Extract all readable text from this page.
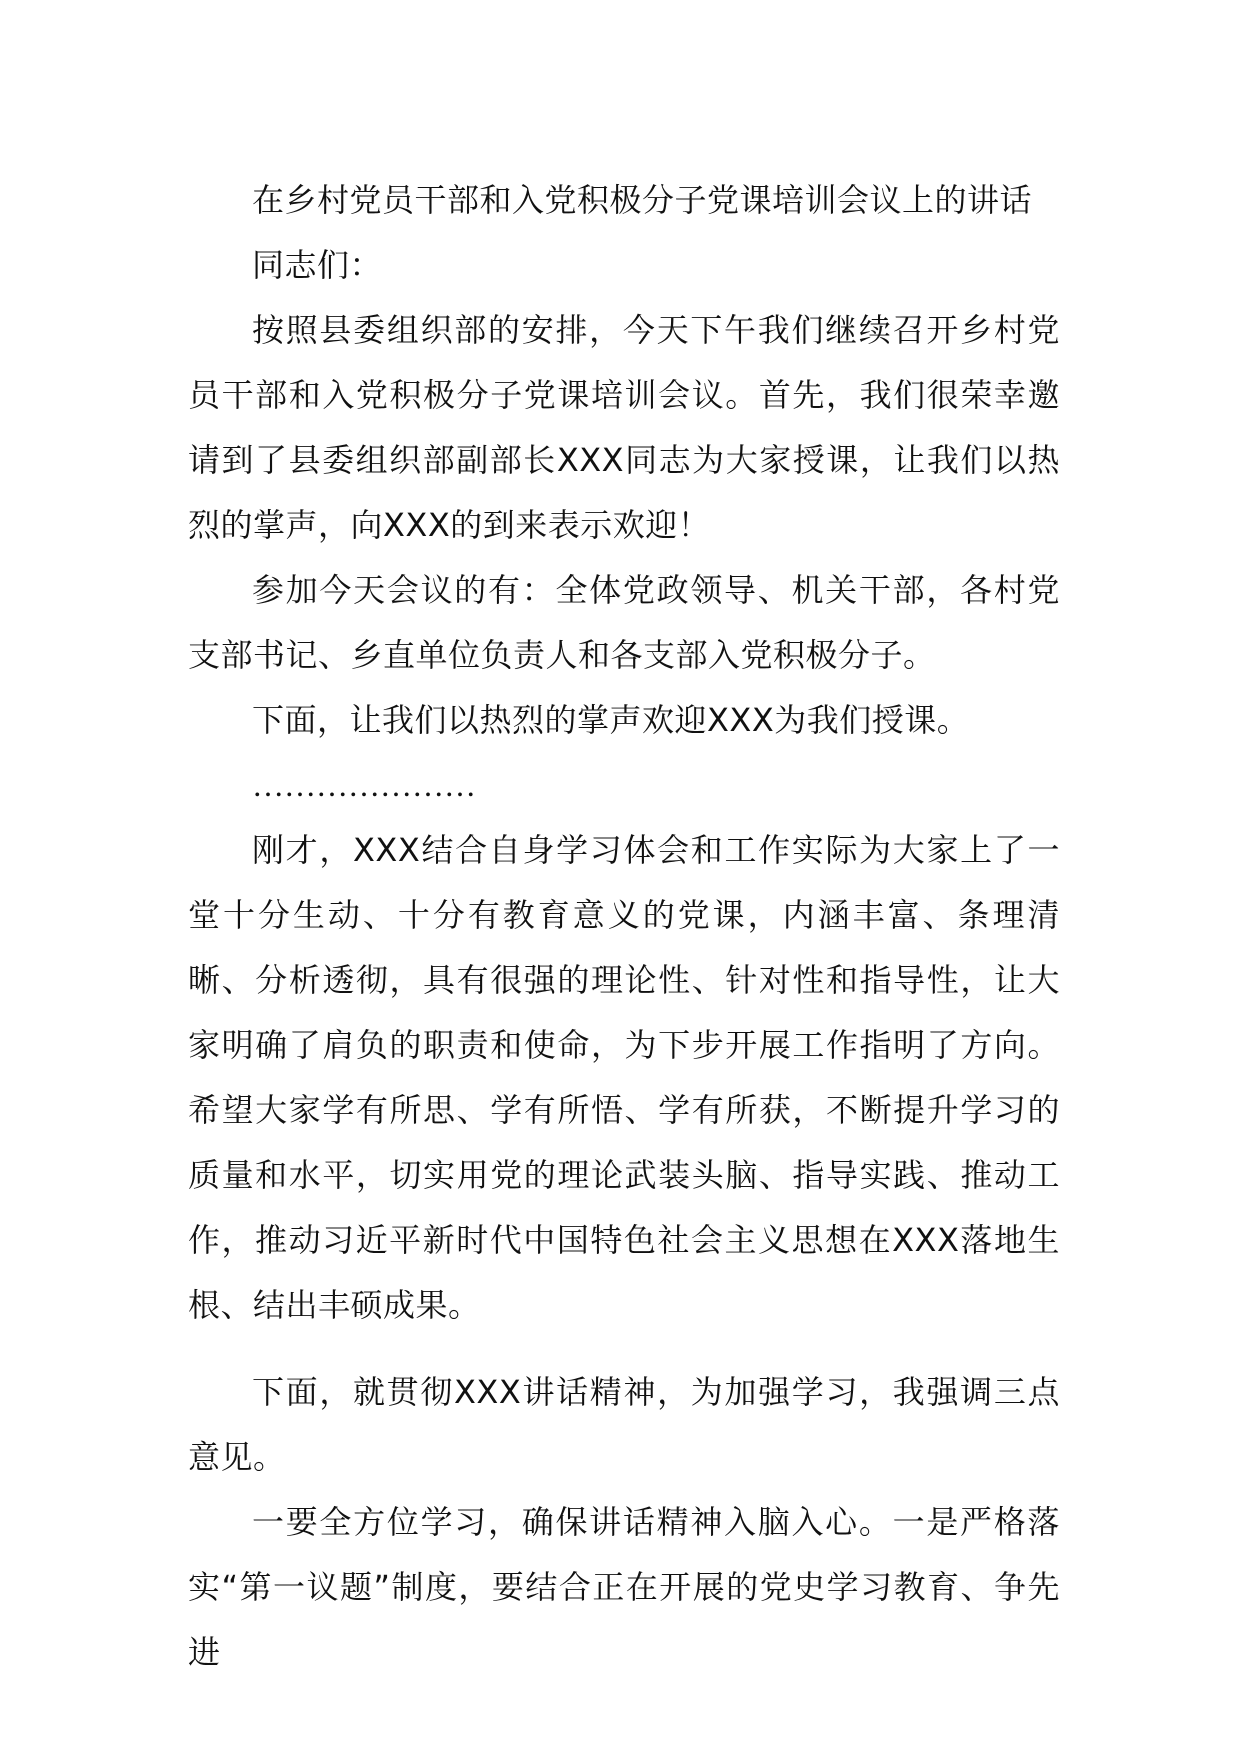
在乡村党员干部和入党积极分子党课培训会议上的讲话

同志们：

按照县委组织部的安排，今天下午我们继续召开乡村党员干部和入党积极分子党课培训会议。首先，我们很荣幸邀请到了县委组织部副部长XXX同志为大家授课，让我们以热烈的掌声，向XXX的到来表示欢迎！

参加今天会议的有：全体党政领导、机关干部，各村党支部书记、乡直单位负责人和各支部入党积极分子。

下面，让我们以热烈的掌声欢迎XXX为我们授课。

…………………

刚才，XXX结合自身学习体会和工作实际为大家上了一堂十分生动、十分有教育意义的党课，内涵丰富、条理清晰、分析透彻，具有很强的理论性、针对性和指导性，让大家明确了肩负的职责和使命，为下步开展工作指明了方向。希望大家学有所思、学有所悟、学有所获，不断提升学习的质量和水平，切实用党的理论武装头脑、指导实践、推动工作，推动习近平新时代中国特色社会主义思想在XXX落地生根、结出丰硕成果。

下面，就贯彻XXX讲话精神，为加强学习，我强调三点意见。

一要全方位学习，确保讲话精神入脑入心。一是严格落实“第一议题”制度，要结合正在开展的党史学习教育、争先进
